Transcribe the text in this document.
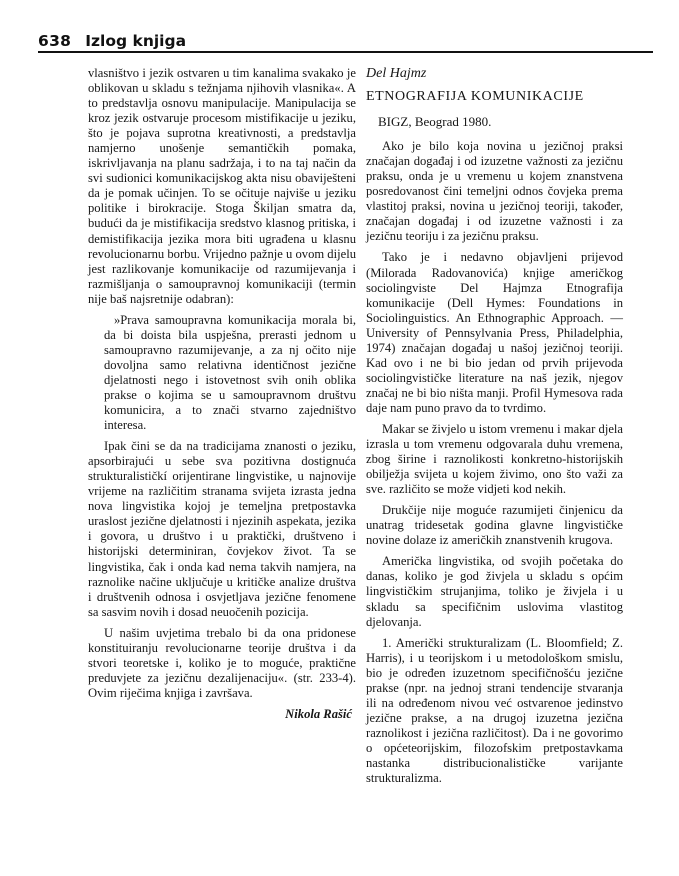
638 Izlog knjiga

vlasništvo i jezik ostvaren u tim kanalima svakako je oblikovan u skladu s težnjama njihovih vlasnika«. A to predstavlja osnovu manipulacije. Manipulacija se kroz jezik ostvaruje procesom mistifikacije u jeziku, što je pojava suprotna kreativnosti, a predstavlja namjerno unošenje semantičkih pomaka, iskrivljavanja na planu sadržaja, i to na taj način da svi sudionici komunikacijskog akta nisu obaviješteni da je pomak učinjen. To se očituje najviše u jeziku politike i birokracije. Stoga Škiljan smatra da, budući da je mistifikacija sredstvo klasnog pritiska, i demistifikacija jezika mora biti ugrađena u klasnu revolucionarnu borbu. Vrijedno pažnje u ovom dijelu jest razlikovanje komunikacije od razumijevanja i razmišljanja o samoupravnoj komunikaciji (termin nije baš najsretnije odabran):

»Prava samoupravna komunikacija morala bi, da bi doista bila uspješna, prerasti jednom u samoupravno razumijevanje, a za nj očito nije dovoljna samo relativna identičnost jezične djelatnosti nego i istovetnost svih onih oblika prakse o kojima se u samoupravnom društvu komunicira, a to znači stvarno zajedništvo interesa.

Ipak čini se da na tradicijama znanosti o jeziku, apsorbirajući u sebe sva pozitivna dostignuća strukturalističkí orijentirane lingvistike, u najnovije vrijeme na različitim stranama svijeta izrasta jedna nova lingvistika kojoj je temeljna pretpostavka uraslost jezične djelatnosti i njezinih aspekata, jezika i govora, u društvo i u praktički, društveno i historijski determiniran, čovjekov život. Ta se lingvistika, čak i onda kad nema takvih namjera, na raznolike načine uključuje u kritičke analize društva i društvenih odnosa i osvjetljava jezične fenomene sa sasvim novih i dosad neuočenih pozicija.

U našim uvjetima trebalo bi da ona pridonese konstituiranju revolucionarne teorije društva i da stvori teoretske i, koliko je to moguće, praktične preduvjete za jezičnu dezalijenaciju«. (str. 233-4). Ovim riječima knjiga i završava.

Nikola Rašić
Del Hajmz
ETNOGRAFIJA KOMUNIKACIJE
BIGZ, Beograd 1980.

Ako je bilo koja novina u jezičnoj praksi značajan događaj i od izuzetne važnosti za jezičnu praksu, onda je u vremenu u kojem znanstvena posredovanost čini temeljni odnos čovjeka prema vlastitoj praksi, novina u jezičnoj teoriji, također, značajan događaj i od izuzetne važnosti i za jezičnu teoriju i za jezičnu praksu.

Tako je i nedavno objavljeni prijevod (Milorada Radovanovića) knjige američkog sociolingviste Del Hajmza Etnografija komunikacije (Dell Hymes: Foundations in Sociolinguistics. An Ethnographic Approach. — University of Pennsylvania Press, Philadelphia, 1974) značajan događaj u našoj jezičnoj teoriji. Kad ovo i ne bi bio jedan od prvih prijevoda sociolingvističke literature na naš jezik, njegov značaj ne bi bio ništa manji. Profil Hymesova rada daje nam puno pravo da to tvrdimo.

Makar se živjelo u istom vremenu i makar djela izrasla u tom vremenu odgovarala duhu vremena, zbog širine i raznolikosti konkretno-historijskih obilježja svijeta u kojem živimo, ono što važi za sve. različito se može vidjeti kod nekih.

Drukčije nije moguće razumijeti činjenicu da unatrag tridesetak godina glavne lingvističke novine dolaze iz američkih znanstvenih krugova.

Američka lingvistika, od svojih početaka do danas, koliko je god živjela u skladu s općim lingvističkim strujanjima, toliko je živjela i u skladu sa specifičnim uslovima vlastitog djelovanja.

1. Američki strukturalizam (L. Bloomfield; Z. Harris), i u teorijskom i u metodološkom smislu, bio je određen izuzetnom specifičnošću jezične prakse (npr. na jednoj strani tendencije stvaranja ili na određenom nivou već ostvarenoe jedinstvo jezične prakse, a na drugoj izuzetna jezična raznolikost i jezična različitost). Da i ne govorimo o općeteorijskim, filozofskim pretpostavkama nastanka distribucionalističke varijante strukturalizma.
